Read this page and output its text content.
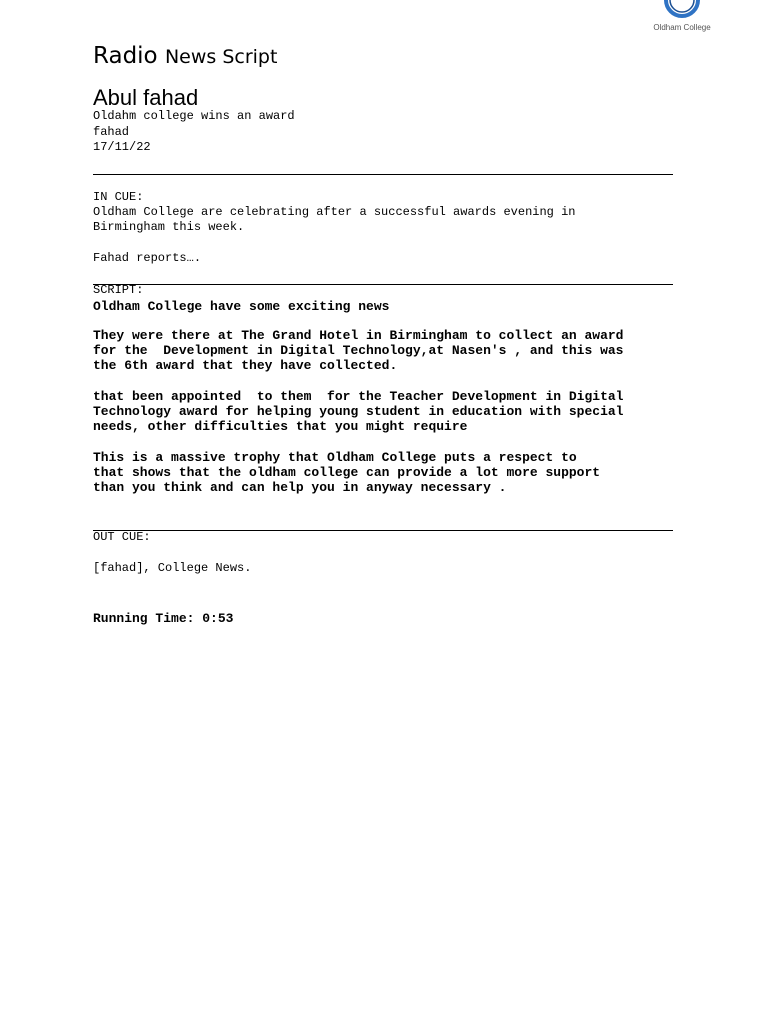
Oldham College
Radio News Script
Abul fahad
Oldahm college wins an award
fahad
17/11/22
IN CUE:
Oldham College are celebrating after a successful awards evening in
Birmingham this week.
Fahad reports….
SCRIPT:
Oldham College have some exciting news
They were there at The Grand Hotel in Birmingham to collect an award
for the  Development in Digital Technology,at Nasen's , and this was
the 6th award that they have collected.
that been appointed  to them  for the Teacher Development in Digital
Technology award for helping young student in education with special
needs, other difficulties that you might require
This is a massive trophy that Oldham College puts a respect to
that shows that the oldham college can provide a lot more support
than you think and can help you in anyway necessary .
OUT CUE:
[fahad], College News.
Running Time: 0:53
